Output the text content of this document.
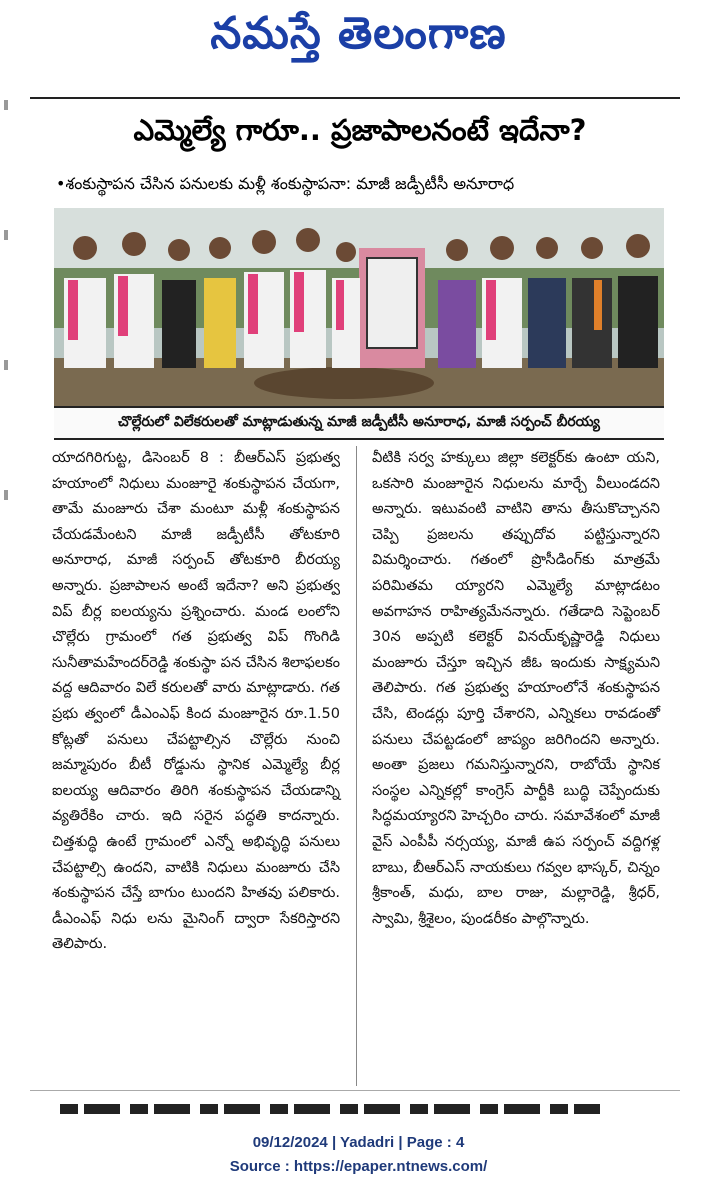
నమస్తే తెలంగాణ
ఎమ్మెల్యే గారూ.. ప్రజాపాలనంటే ఇదేనా?
•శంకుస్థాపన చేసిన పనులకు మళ్లీ శంకుస్థాపనా: మాజీ జడ్పీటీసీ అనూరాధ
చొల్లేరులో విలేకరులతో మాట్లాడుతున్న మాజీ జడ్పీటీసీ అనూరాధ, మాజీ సర్పంచ్ బీరయ్య
యాదగిరిగుట్ట, డిసెంబర్ 8 : బీఆర్‌ఎస్ ప్రభుత్వ హయాంలో నిధులు మంజూరై శంకుస్థాపన చేయగా, తామే మంజూరు చేశా మంటూ మళ్లీ శంకుస్థాపన చేయడమేంటని మాజీ జడ్పీటీసీ తోటకూరి అనూరాధ, మాజీ సర్పంచ్ తోటకూరి బీరయ్య అన్నారు. ప్రజాపాలన అంటే ఇదేనా? అని ప్రభుత్వ విప్ బీర్ల ఐలయ్యను ప్రశ్నించారు. మండ లంలోని చొల్లేరు గ్రామంలో గత ప్రభుత్వ విప్ గొంగిడి సునీతామహేందర్‌రెడ్డి శంకుస్థా పన చేసిన శిలాఫలకం వద్ద ఆదివారం విలే కరులతో వారు మాట్లాడారు. గత ప్రభు త్వంలో డీఎంఎఫ్ కింద మంజూరైన రూ.1.50 కోట్లతో పనులు చేపట్టాల్సిన చొల్లేరు నుంచి జమ్మాపురం బీటీ రోడ్డును స్థానిక ఎమ్మెల్యే బీర్ల ఐలయ్య ఆదివారం తిరిగి శంకుస్థాపన చేయడాన్ని వ్యతిరేకిం చారు. ఇది సరైన పద్ధతి కాదన్నారు. చిత్తశుద్ధి ఉంటే గ్రామంలో ఎన్నో అభివృద్ధి పనులు చేపట్టాల్సి ఉందని, వాటికి నిధులు మంజూరు చేసి శంకుస్థాపన చేస్తే బాగుం టుందని హితవు పలికారు. డీఎంఎఫ్ నిధు లను మైనింగ్ ద్వారా సేకరిస్తారని తెలిపారు.
వీటికి సర్వ హక్కులు జిల్లా కలెక్టర్‌కు ఉంటా యని, ఒకసారి మంజూరైన నిధులను మార్చే వీలుండదని అన్నారు. ఇటువంటి వాటిని తాను తీసుకొచ్చానని చెప్పి ప్రజలను తప్పుదోవ పట్టిస్తున్నారని విమర్శించారు. గతంలో ప్రొసీడింగ్‌కు మాత్రమే పరిమితమ య్యారని ఎమ్మెల్యే మాట్లాడటం అవగాహన రాహిత్యమేనన్నారు. గతేడాది సెప్టెంబర్ 30న అప్పటి కలెక్టర్ వినయ్‌కృష్ణారెడ్డి నిధులు మంజూరు చేస్తూ ఇచ్చిన జీఓ ఇందుకు సాక్ష్యమని తెలిపారు. గత ప్రభుత్వ హయాంలోనే శంకుస్థాపన చేసి, టెండర్లు పూర్తి చేశారని, ఎన్నికలు రావడంతో పనులు చేపట్టడంలో జాప్యం జరిగిందని అన్నారు. అంతా ప్రజలు గమనిస్తున్నారని, రాబోయే స్థానిక సంస్థల ఎన్నికల్లో కాంగ్రెస్ పార్టీకి బుద్ధి చెప్పేందుకు సిద్ధమయ్యారని హెచ్చరిం చారు. సమావేశంలో మాజీ వైస్ ఎంపీపీ నర్సయ్య, మాజీ ఉప సర్పంచ్ వద్దిగళ్ల బాబు, బీఆర్‌ఎస్ నాయకులు గవ్వల భాస్కర్, చిన్నం శ్రీకాంత్, మధు, బాల రాజు, మల్లారెడ్డి, శ్రీధర్, స్వామి, శ్రీశైలం, పుండరీకం పాల్గొన్నారు.
09/12/2024 | Yadadri | Page : 4
Source : https://epaper.ntnews.com/
